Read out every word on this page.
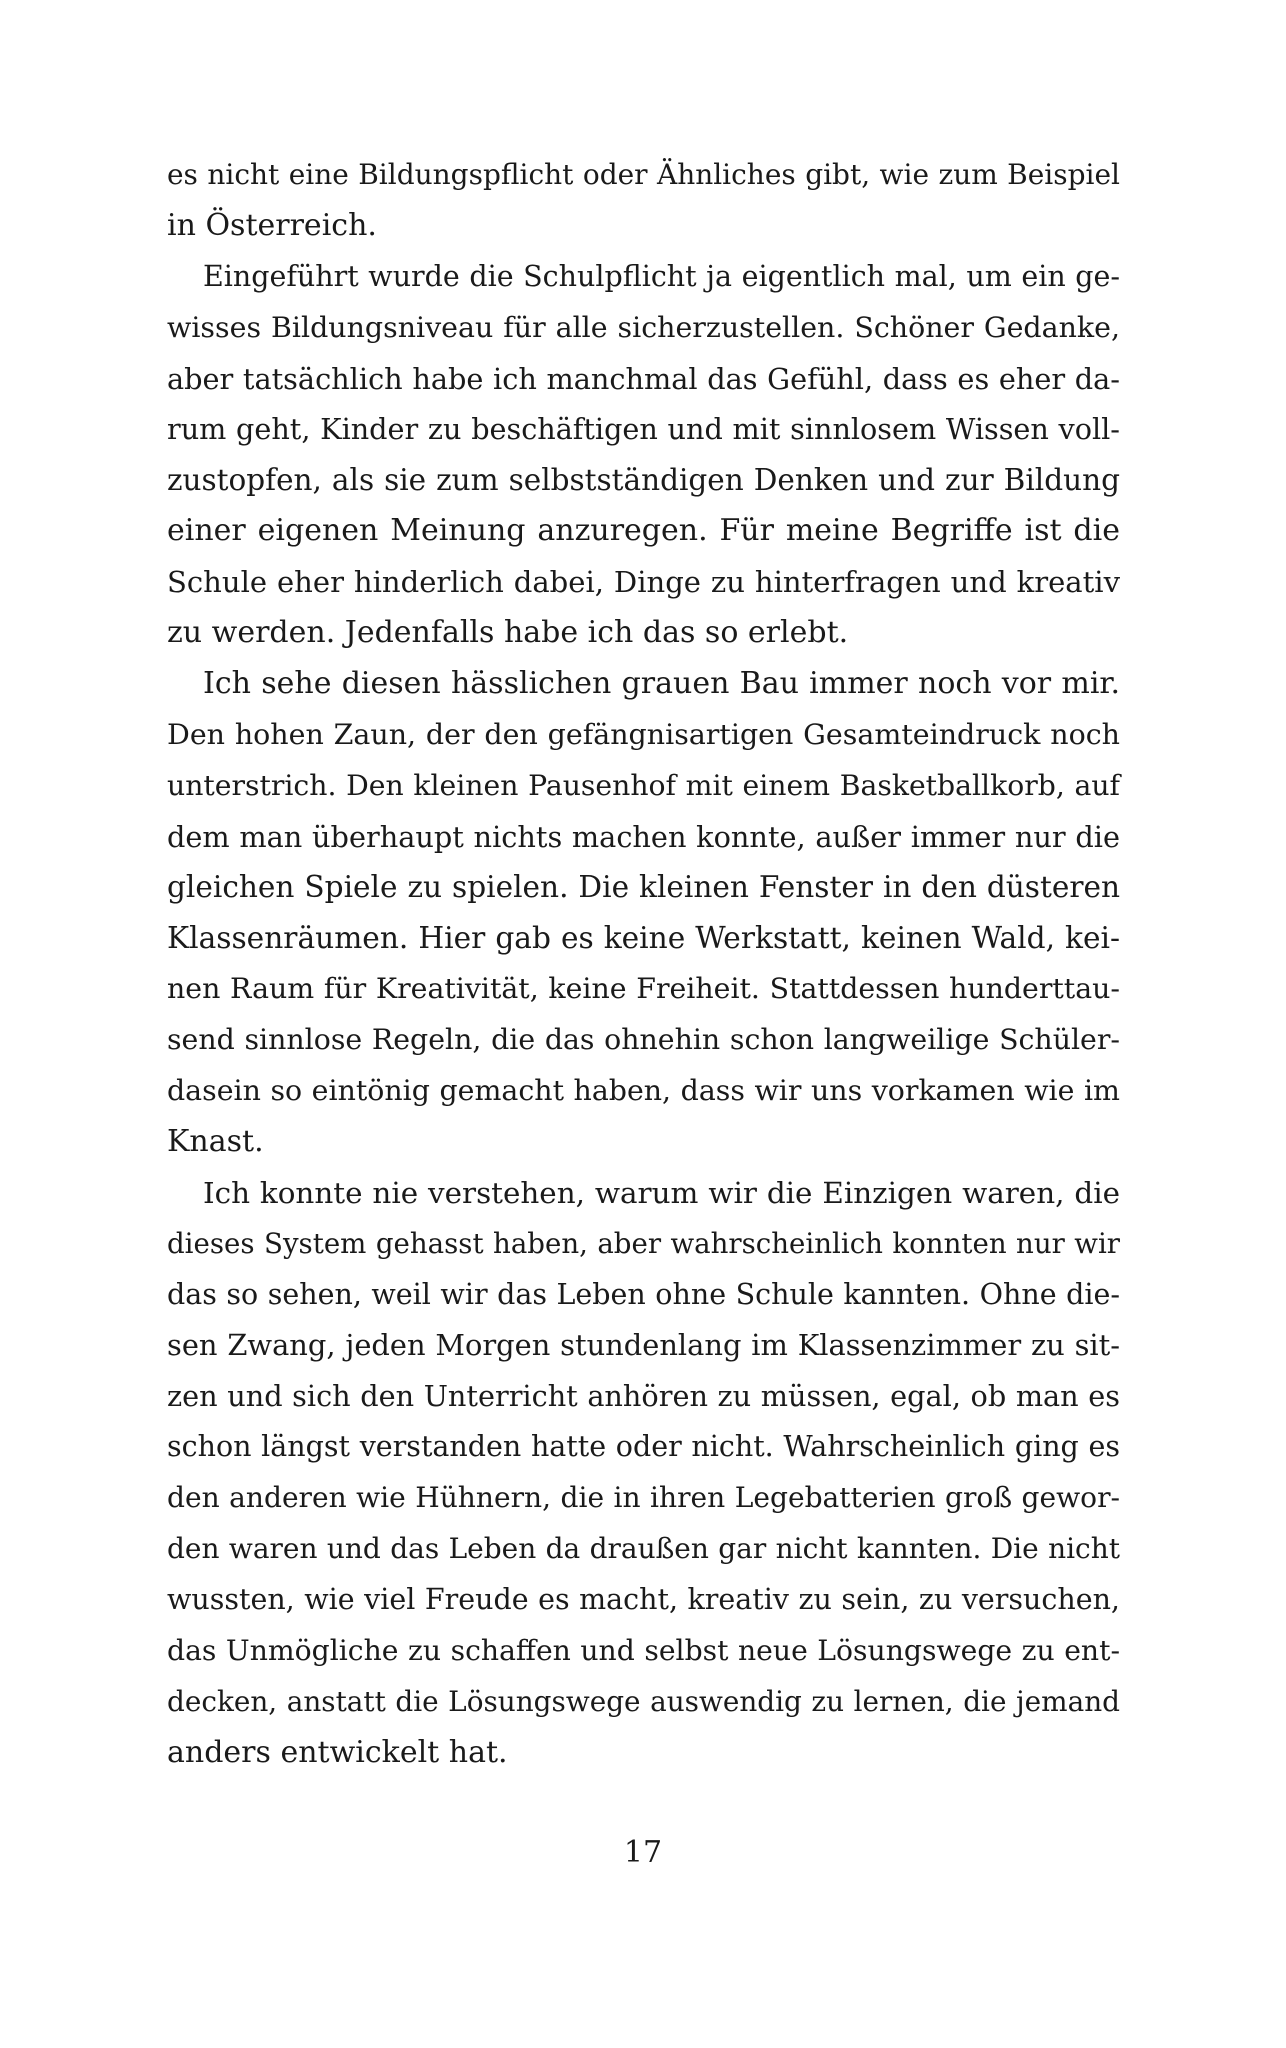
es nicht eine Bildungspflicht oder Ähnliches gibt, wie zum Beispiel
in Österreich.
Eingeführt wurde die Schulpflicht ja eigentlich mal, um ein ge-
wisses Bildungsniveau für alle sicherzustellen. Schöner Gedanke,
aber tatsächlich habe ich manchmal das Gefühl, dass es eher da-
rum geht, Kinder zu beschäftigen und mit sinnlosem Wissen voll-
zustopfen, als sie zum selbstständigen Denken und zur Bildung
einer eigenen Meinung anzuregen. Für meine Begriffe ist die
Schule eher hinderlich dabei, Dinge zu hinterfragen und kreativ
zu werden. Jedenfalls habe ich das so erlebt.
Ich sehe diesen hässlichen grauen Bau immer noch vor mir.
Den hohen Zaun, der den gefängnisartigen Gesamteindruck noch
unterstrich. Den kleinen Pausenhof mit einem Basketballkorb, auf
dem man überhaupt nichts machen konnte, außer immer nur die
gleichen Spiele zu spielen. Die kleinen Fenster in den düsteren
Klassenräumen. Hier gab es keine Werkstatt, keinen Wald, kei-
nen Raum für Kreativität, keine Freiheit. Stattdessen hunderttau-
send sinnlose Regeln, die das ohnehin schon langweilige Schüler-
dasein so eintönig gemacht haben, dass wir uns vorkamen wie im
Knast.
Ich konnte nie verstehen, warum wir die Einzigen waren, die
dieses System gehasst haben, aber wahrscheinlich konnten nur wir
das so sehen, weil wir das Leben ohne Schule kannten. Ohne die-
sen Zwang, jeden Morgen stundenlang im Klassenzimmer zu sit-
zen und sich den Unterricht anhören zu müssen, egal, ob man es
schon längst verstanden hatte oder nicht. Wahrscheinlich ging es
den anderen wie Hühnern, die in ihren Legebatterien groß gewor-
den waren und das Leben da draußen gar nicht kannten. Die nicht
wussten, wie viel Freude es macht, kreativ zu sein, zu versuchen,
das Unmögliche zu schaffen und selbst neue Lösungswege zu ent-
decken, anstatt die Lösungswege auswendig zu lernen, die jemand
anders entwickelt hat.
17
